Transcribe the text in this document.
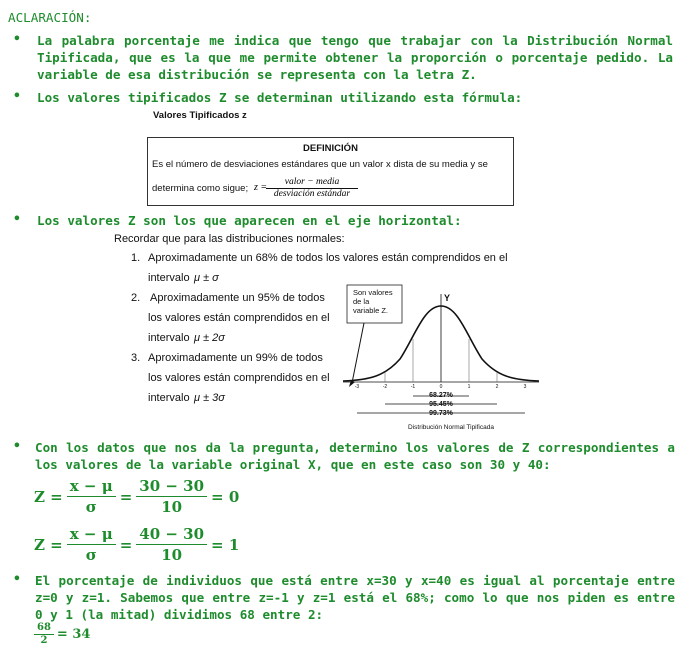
ACLARACIÓN:
• La palabra porcentaje me indica que tengo que trabajar con la Distribución Normal Tipificada, que es la que me permite obtener la proporción o porcentaje pedido. La variable de esa distribución se representa con la letra Z.
• Los valores tipificados Z se determinan utilizando esta fórmula:
Valores Tipificados z
DEFINICIÓN
Es el número de desviaciones estándares que un valor x dista de su media y se
determina como sigue; z =	valor − media
desviación estándar
• Los valores Z son los que aparecen en el eje horizontal:
Recordar que para las distribuciones normales:
1. Aproximadamente un 68% de todos los valores están comprendidos en el
intervalo μ ± σ
2. Aproximadamente un 95% de todos
los valores están comprendidos en el
intervalo μ ± 2σ
3. Aproximadamente un 99% de todos
los valores están comprendidos en el
intervalo μ ± 3σ
Son valores
de la
variable Z.
Y
-3	-2	-1	0	1	2	3
68.27%
95.45%
99.73%
Distribución Normal Tipificada
• Con los datos que nos da la pregunta, determino los valores de Z correspondientes a los valores de la variable original X, que en este caso son 30 y 40:
$Z = \frac{x - \mu}{\sigma} = \frac{30 - 30}{10} = 0$
$Z = \frac{x - \mu}{\sigma} = \frac{40 - 30}{10} = 1$
• El porcentaje de individuos que está entre x=30 y x=40 es igual al porcentaje entre z=0 y z=1. Sabemos que entre z=-1 y z=1 está el 68%; como lo que nos piden es entre 0 y 1 (la mitad) dividimos 68 entre 2:
$\frac{68}{2} = 34$
